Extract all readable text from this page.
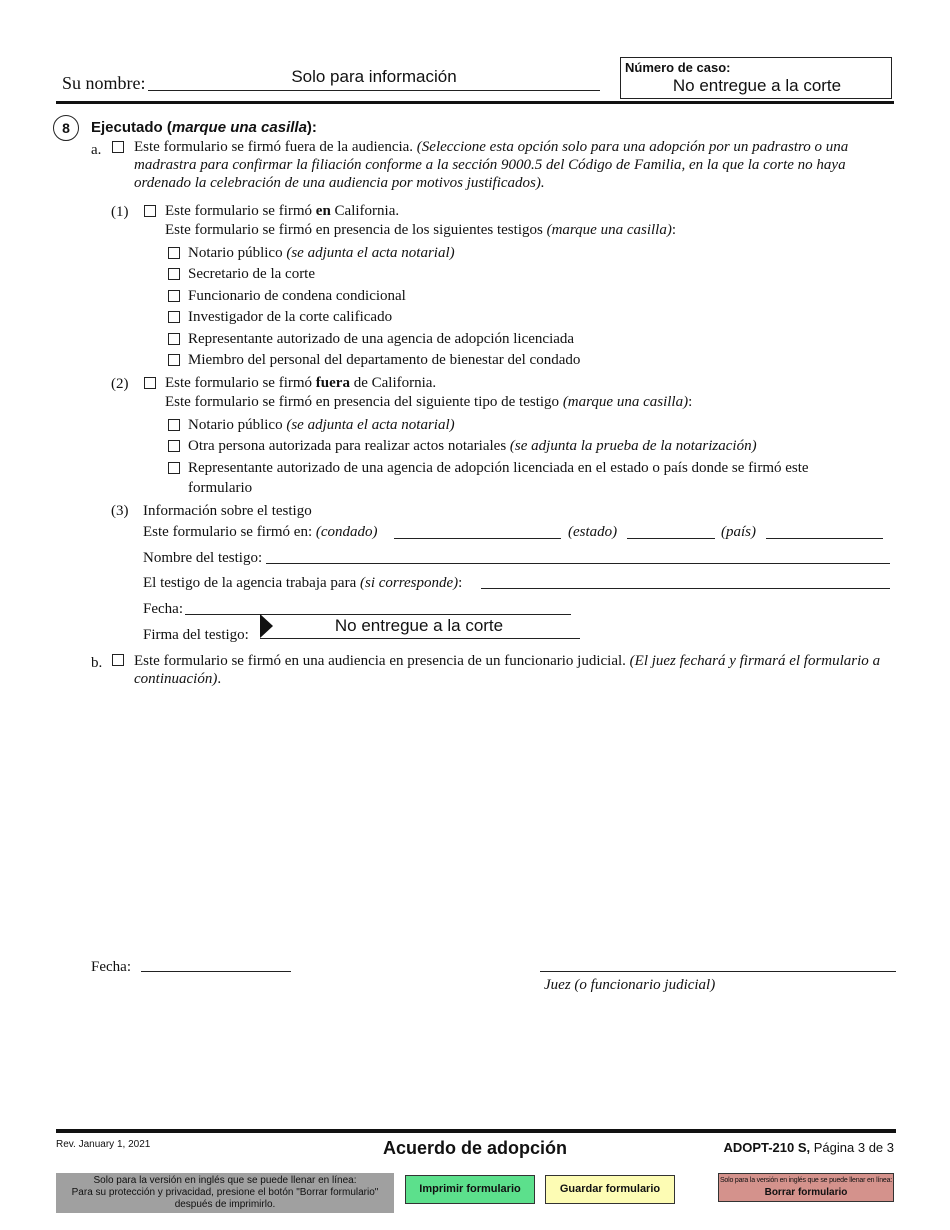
Su nombre:	Solo para información	Número de caso:
No entregue a la corte
8	Ejecutado (marque una casilla):
a. Este formulario se firmó fuera de la audiencia. (Seleccione esta opción solo para una adopción por un padrastro o una madrastra para confirmar la filiación conforme a la sección 9000.5 del Código de Familia, en la que la corte no haya ordenado la celebración de una audiencia por motivos justificados).
(1) Este formulario se firmó en California.
Este formulario se firmó en presencia de los siguientes testigos (marque una casilla):
Notario público (se adjunta el acta notarial)
Secretario de la corte
Funcionario de condena condicional
Investigador de la corte calificado
Representante autorizado de una agencia de adopción licenciada
Miembro del personal del departamento de bienestar del condado
(2) Este formulario se firmó fuera de California.
Este formulario se firmó en presencia del siguiente tipo de testigo (marque una casilla):
Notario público (se adjunta el acta notarial)
Otra persona autorizada para realizar actos notariales (se adjunta la prueba de la notarización)
Representante autorizado de una agencia de adopción licenciada en el estado o país donde se firmó este
formulario
(3) Información sobre el testigo
Este formulario se firmó en: (condado)	(estado)	(país)
Nombre del testigo:
El testigo de la agencia trabaja para (si corresponde):
Fecha:
Firma del testigo:	No entregue a la corte
b. Este formulario se firmó en una audiencia en presencia de un funcionario judicial. (El juez fechará y firmará el formulario a continuación).
Fecha:
Juez (o funcionario judicial)
Rev. January 1, 2021	Acuerdo de adopción	ADOPT-210 S, Página 3 de 3
Solo para la versión en inglés que se puede llenar en línea:
Para su protección y privacidad, presione el botón "Borrar formulario"
después de imprimirlo.
Imprimir formulario	Guardar formulario
Solo para la versión en inglés que se puede llenar en línea:
Borrar formulario
